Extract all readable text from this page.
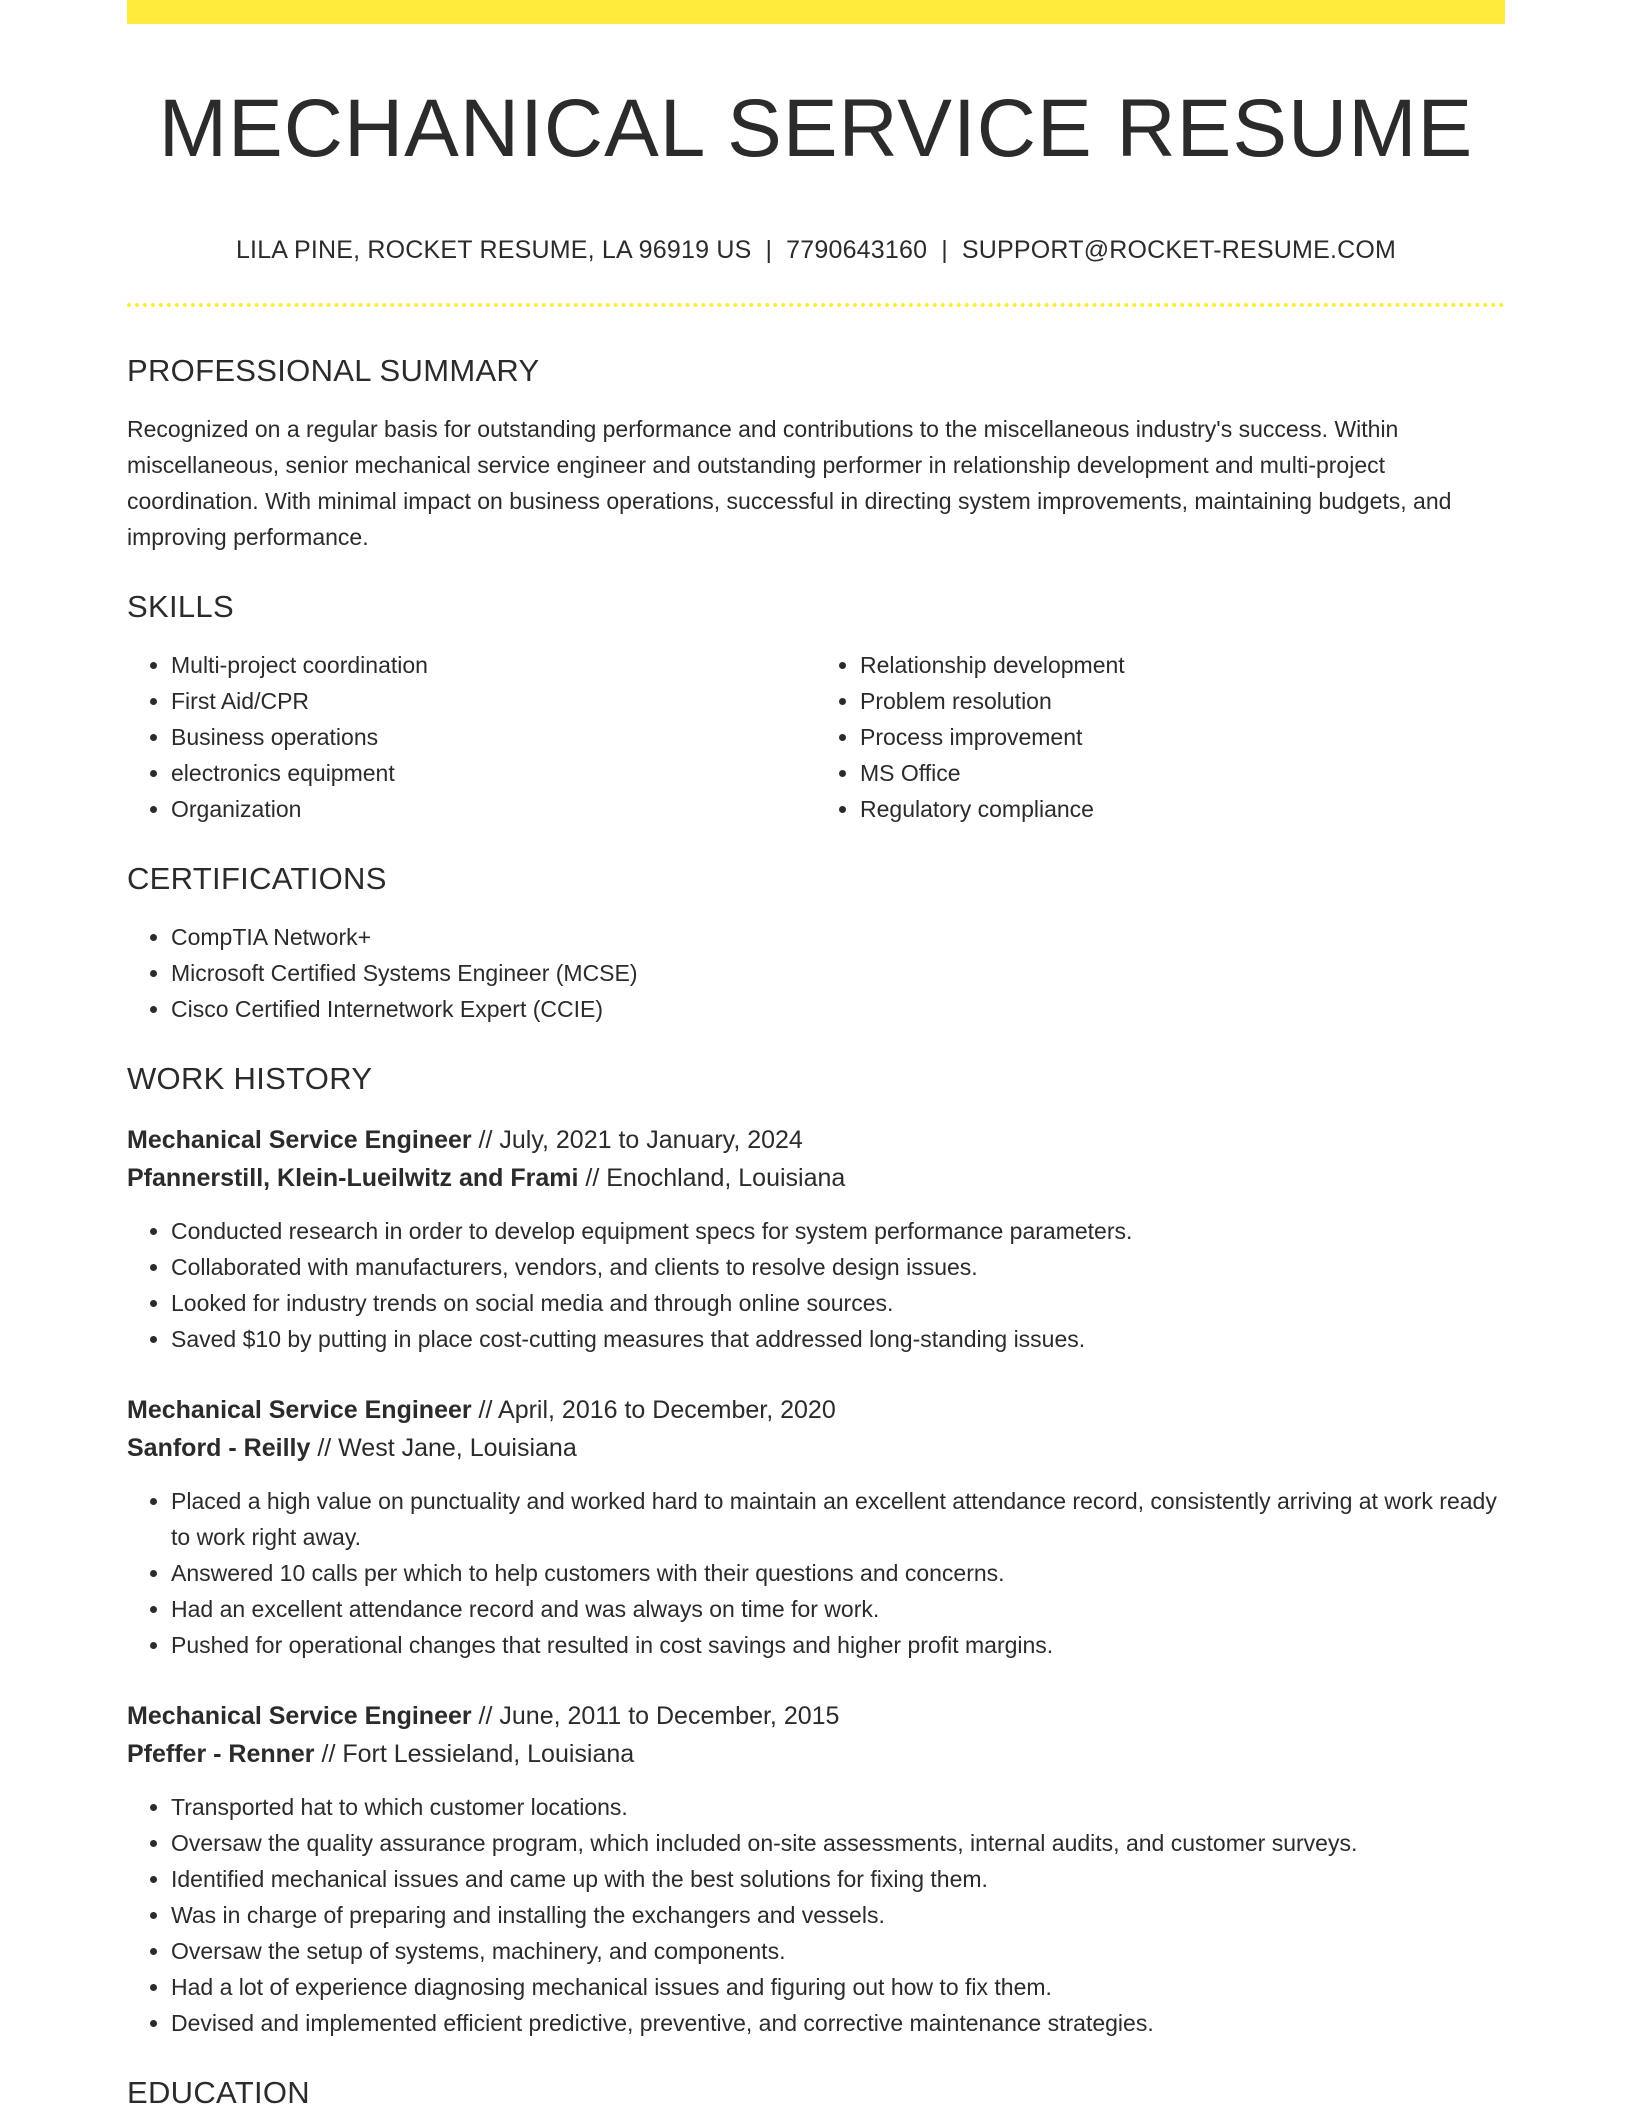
MECHANICAL SERVICE RESUME
LILA PINE, ROCKET RESUME, LA 96919 US | 7790643160 | SUPPORT@ROCKET-RESUME.COM
PROFESSIONAL SUMMARY

Recognized on a regular basis for outstanding performance and contributions to the miscellaneous industry's success. Within miscellaneous, senior mechanical service engineer and outstanding performer in relationship development and multi-project coordination. With minimal impact on business operations, successful in directing system improvements, maintaining budgets, and improving performance.

SKILLS
• Multi-project coordination
• First Aid/CPR
• Business operations
• electronics equipment
• Organization
• Relationship development
• Problem resolution
• Process improvement
• MS Office
• Regulatory compliance
CERTIFICATIONS
• CompTIA Network+
• Microsoft Certified Systems Engineer (MCSE)
• Cisco Certified Internetwork Expert (CCIE)
WORK HISTORY
Mechanical Service Engineer // July, 2021 to January, 2024
Pfannerstill, Klein-Lueilwitz and Frami // Enochland, Louisiana
• Conducted research in order to develop equipment specs for system performance parameters.
• Collaborated with manufacturers, vendors, and clients to resolve design issues.
• Looked for industry trends on social media and through online sources.
• Saved $10 by putting in place cost-cutting measures that addressed long-standing issues.
Mechanical Service Engineer // April, 2016 to December, 2020
Sanford - Reilly // West Jane, Louisiana
• Placed a high value on punctuality and worked hard to maintain an excellent attendance record, consistently arriving at work ready to work right away.
• Answered 10 calls per which to help customers with their questions and concerns.
• Had an excellent attendance record and was always on time for work.
• Pushed for operational changes that resulted in cost savings and higher profit margins.
Mechanical Service Engineer // June, 2011 to December, 2015
Pfeffer - Renner // Fort Lessieland, Louisiana
• Transported hat to which customer locations.
• Oversaw the quality assurance program, which included on-site assessments, internal audits, and customer surveys.
• Identified mechanical issues and came up with the best solutions for fixing them.
• Was in charge of preparing and installing the exchangers and vessels.
• Oversaw the setup of systems, machinery, and components.
• Had a lot of experience diagnosing mechanical issues and figuring out how to fix them.
• Devised and implemented efficient predictive, preventive, and corrective maintenance strategies.
EDUCATION
